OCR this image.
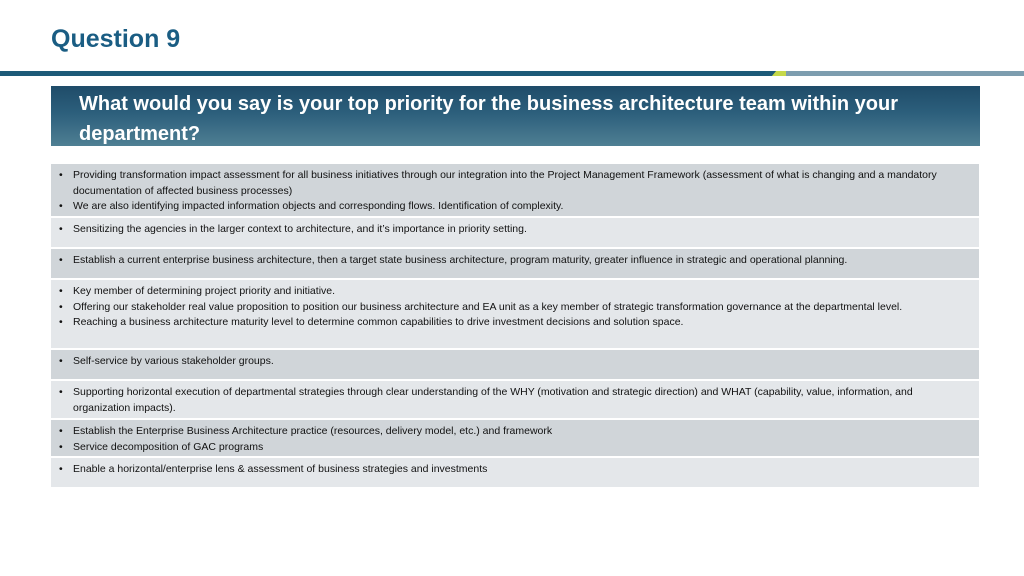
Question 9

What would you say is your top priority for the business architecture team within your department?

• Providing transformation impact assessment for all business initiatives through our integration into the Project Management Framework (assessment of what is changing and a mandatory documentation of affected business processes)
• We are also identifying impacted information objects and corresponding flows. Identification of complexity.
• Sensitizing the agencies in the larger context to architecture, and it’s importance in priority setting.
• Establish a current enterprise business architecture, then a target state business architecture, program maturity, greater influence in strategic and operational planning.
• Key member of determining project priority and initiative.
• Offering our stakeholder real value proposition to position our business architecture and EA unit as a key member of strategic transformation governance at the departmental level.
• Reaching a business architecture maturity level to determine common capabilities to drive investment decisions and solution space.
• Self-service by various stakeholder groups.
• Supporting horizontal execution of departmental strategies through clear understanding of the WHY (motivation and strategic direction) and WHAT (capability, value, information, and organization impacts).
• Establish the Enterprise Business Architecture practice (resources, delivery model, etc.) and framework
• Service decomposition of GAC programs
• Enable a horizontal/enterprise lens & assessment of business strategies and investments
